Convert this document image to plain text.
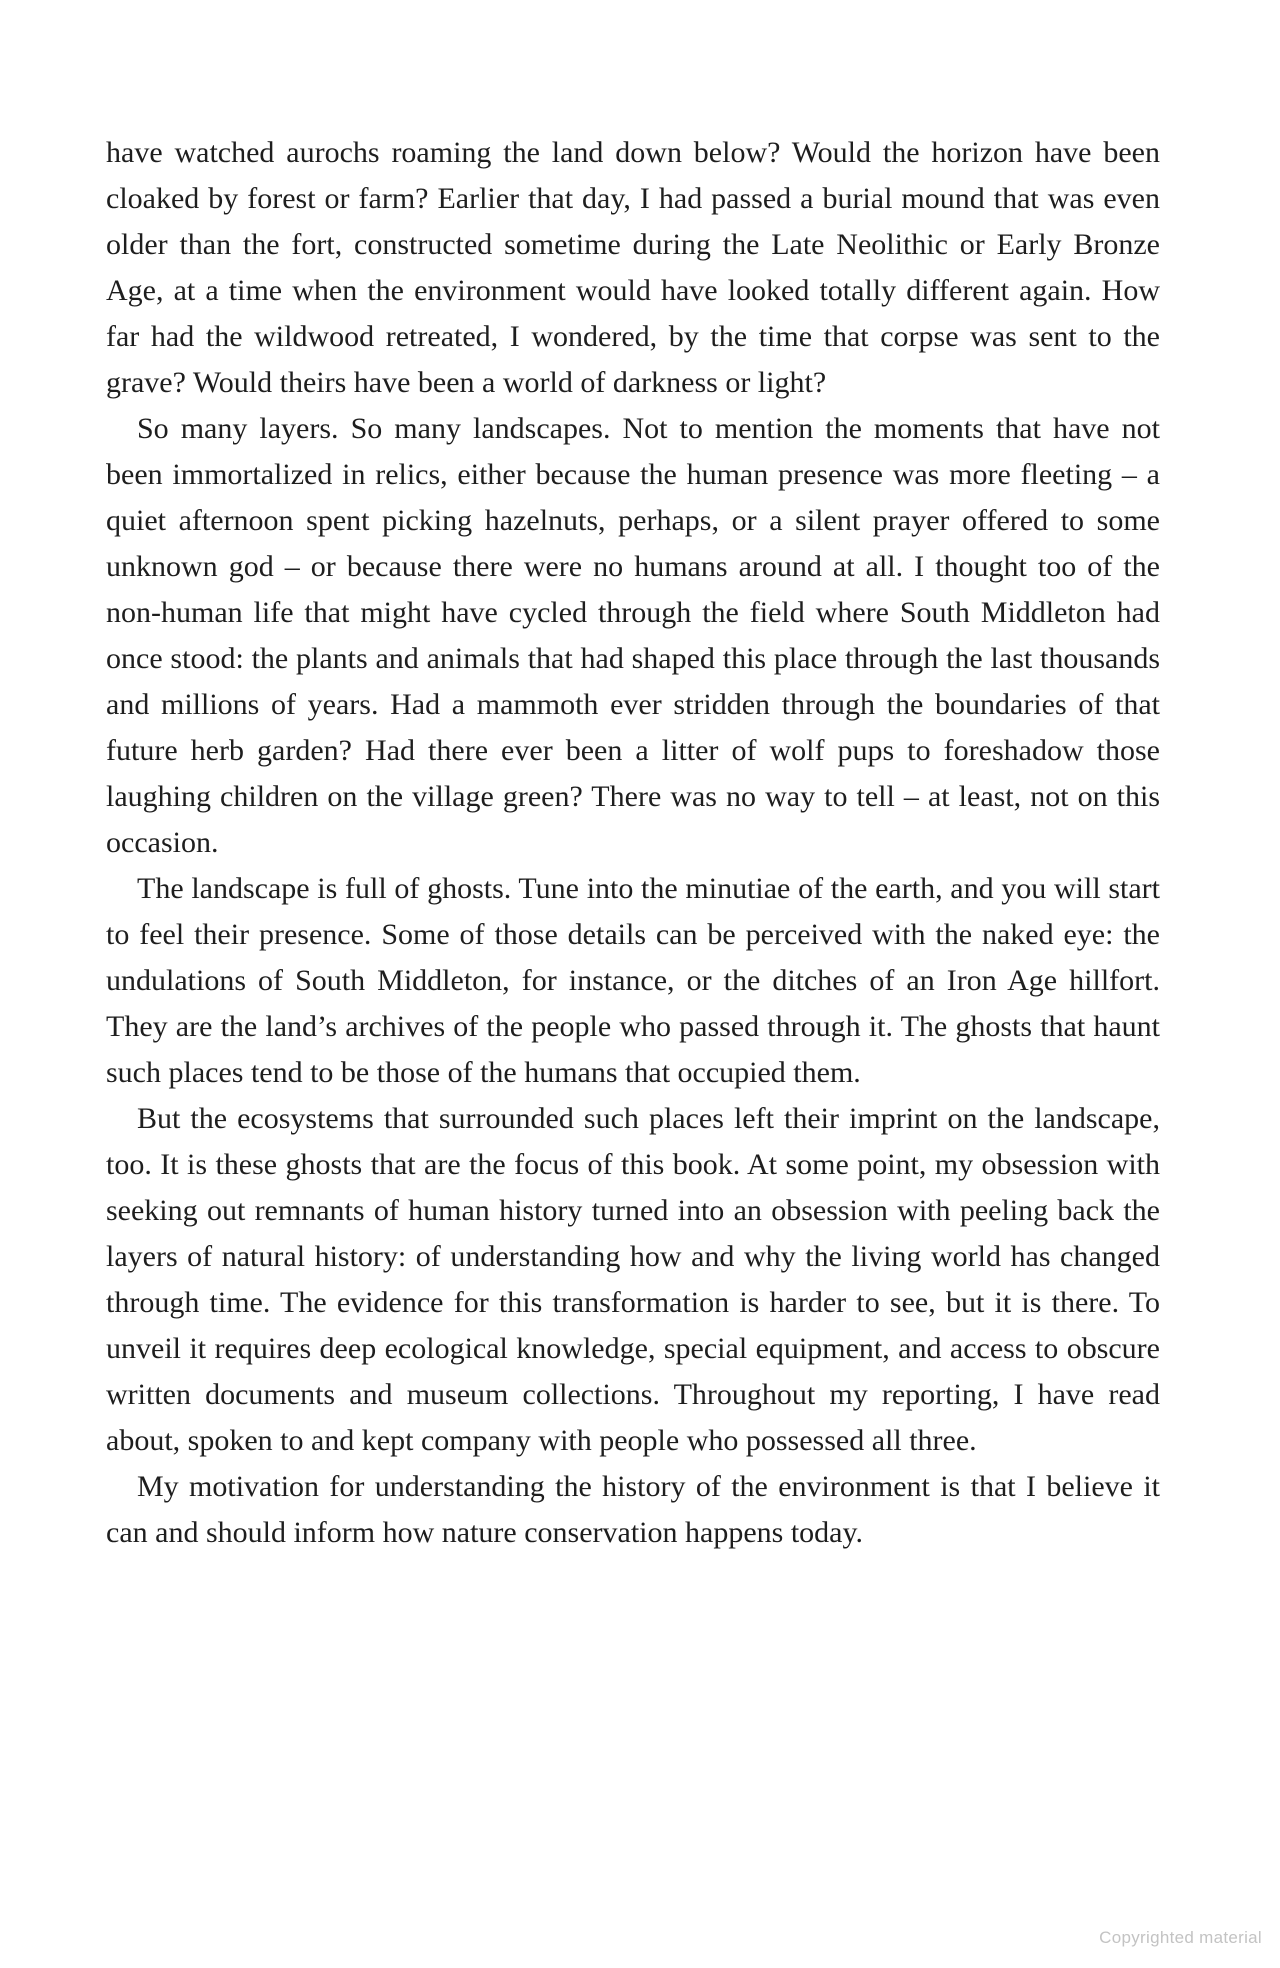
have watched aurochs roaming the land down below? Would the horizon have been cloaked by forest or farm? Earlier that day, I had passed a burial mound that was even older than the fort, constructed sometime during the Late Neolithic or Early Bronze Age, at a time when the environment would have looked totally different again. How far had the wildwood retreated, I wondered, by the time that corpse was sent to the grave? Would theirs have been a world of darkness or light?

So many layers. So many landscapes. Not to mention the moments that have not been immortalized in relics, either because the human presence was more fleeting – a quiet afternoon spent picking hazelnuts, perhaps, or a silent prayer offered to some unknown god – or because there were no humans around at all. I thought too of the non-human life that might have cycled through the field where South Middleton had once stood: the plants and animals that had shaped this place through the last thousands and millions of years. Had a mammoth ever stridden through the boundaries of that future herb garden? Had there ever been a litter of wolf pups to foreshadow those laughing children on the village green? There was no way to tell – at least, not on this occasion.

The landscape is full of ghosts. Tune into the minutiae of the earth, and you will start to feel their presence. Some of those details can be perceived with the naked eye: the undulations of South Middleton, for instance, or the ditches of an Iron Age hillfort. They are the land’s archives of the people who passed through it. The ghosts that haunt such places tend to be those of the humans that occupied them.

But the ecosystems that surrounded such places left their imprint on the landscape, too. It is these ghosts that are the focus of this book. At some point, my obsession with seeking out remnants of human history turned into an obsession with peeling back the layers of natural history: of understanding how and why the living world has changed through time. The evidence for this transformation is harder to see, but it is there. To unveil it requires deep ecological knowledge, special equipment, and access to obscure written documents and museum collections. Throughout my reporting, I have read about, spoken to and kept company with people who possessed all three.

My motivation for understanding the history of the environment is that I believe it can and should inform how nature conservation happens today.

Copyrighted material
